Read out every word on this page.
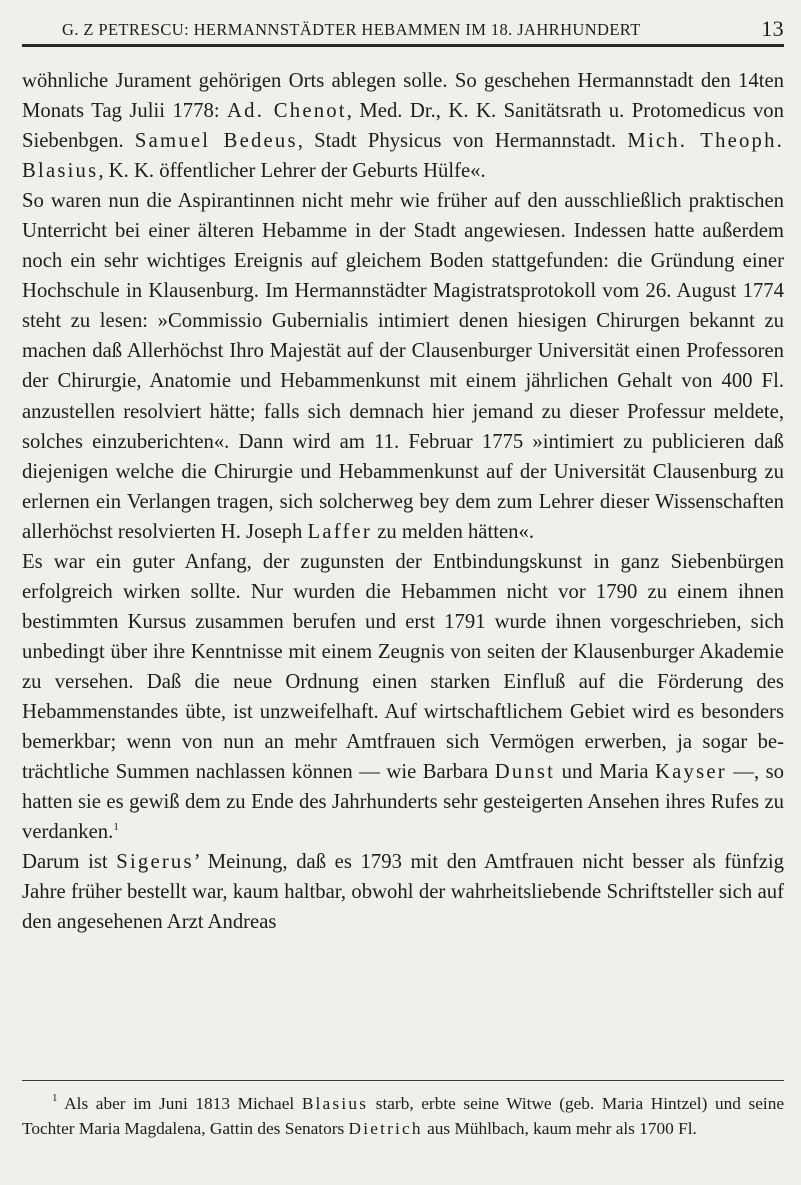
G. Z PETRESCU: HERMANNSTÄDTER HEBAMMEN IM 18. JAHRHUNDERT	13

wöhnliche Jurament gehörigen Orts ablegen solle. So geschehen Hermannstadt den 14ten Monats Tag Julii 1778: Ad. Chenot, Med. Dr., K. K. Sanitätsrath u. Protomedicus von Siebenbgen. Samuel Bedeus, Stadt Physicus von Hermannstadt. Mich. Theoph. Blasius, K. K. öffentlicher Lehrer der Geburts Hülfe«.

So waren nun die Aspirantinnen nicht mehr wie früher auf den ausschließlich praktischen Unterricht bei einer älteren Hebamme in der Stadt angewiesen. Indessen hatte außerdem noch ein sehr wichtiges Ereignis auf gleichem Boden stattgefunden: die Gründung einer Hochschule in Klausenburg. Im Hermannstädter Magistratsprotokoll vom 26. August 1774 steht zu lesen: »Commissio Gubernialis intimiert denen hiesigen Chirurgen bekannt zu machen daß Allerhöchst Ihro Majestät auf der Clausenburger Universität einen Professoren der Chirurgie, Anatomie und Hebammenkunst mit einem jährlichen Gehalt von 400 Fl. anzustellen resolviert hätte; falls sich demnach hier jemand zu dieser Professur meldete, solches einzuberichten«. Dann wird am 11. Februar 1775 »intimiert zu publicieren daß diejenigen welche die Chirurgie und Hebammenkunst auf der Universität Clausenburg zu erlernen ein Verlangen tragen, sich solcherweg bey dem zum Lehrer dieser Wissenschaften allerhöchst resolvierten H. Joseph Laffer zu melden hätten«.

Es war ein guter Anfang, der zugunsten der Entbindungskunst in ganz Siebenbürgen erfolgreich wirken sollte. Nur wurden die Hebammen nicht vor 1790 zu einem ihnen bestimmten Kursus zusammen berufen und erst 1791 wurde ihnen vorgeschrieben, sich unbedingt über ihre Kenntnisse mit einem Zeugnis von seiten der Klausenburger Akademie zu versehen. Daß die neue Ordnung einen starken Einfluß auf die Förderung des Hebammenstandes übte, ist unzweifelhaft. Auf wirtschaftlichem Gebiet wird es besonders bemerkbar; wenn von nun an mehr Amtfrauen sich Vermögen erwerben, ja sogar beträchtliche Summen nachlassen können — wie Barbara Dunst und Maria Kayser —, so hatten sie es gewiß dem zu Ende des Jahrhunderts sehr gesteigerten Ansehen ihres Rufes zu verdanken.$^1$

Darum ist Sigerus’ Meinung, daß es 1793 mit den Amtfrauen nicht besser als fünfzig Jahre früher bestellt war, kaum haltbar, obwohl der wahrheitsliebende Schriftsteller sich auf den angesehenen Arzt Andreas

$^1$ Als aber im Juni 1813 Michael Blasius starb, erbte seine Witwe (geb. Maria Hintzel) und seine Tochter Maria Magdalena, Gattin des Senators Dietrich aus Mühlbach, kaum mehr als 1700 Fl.
